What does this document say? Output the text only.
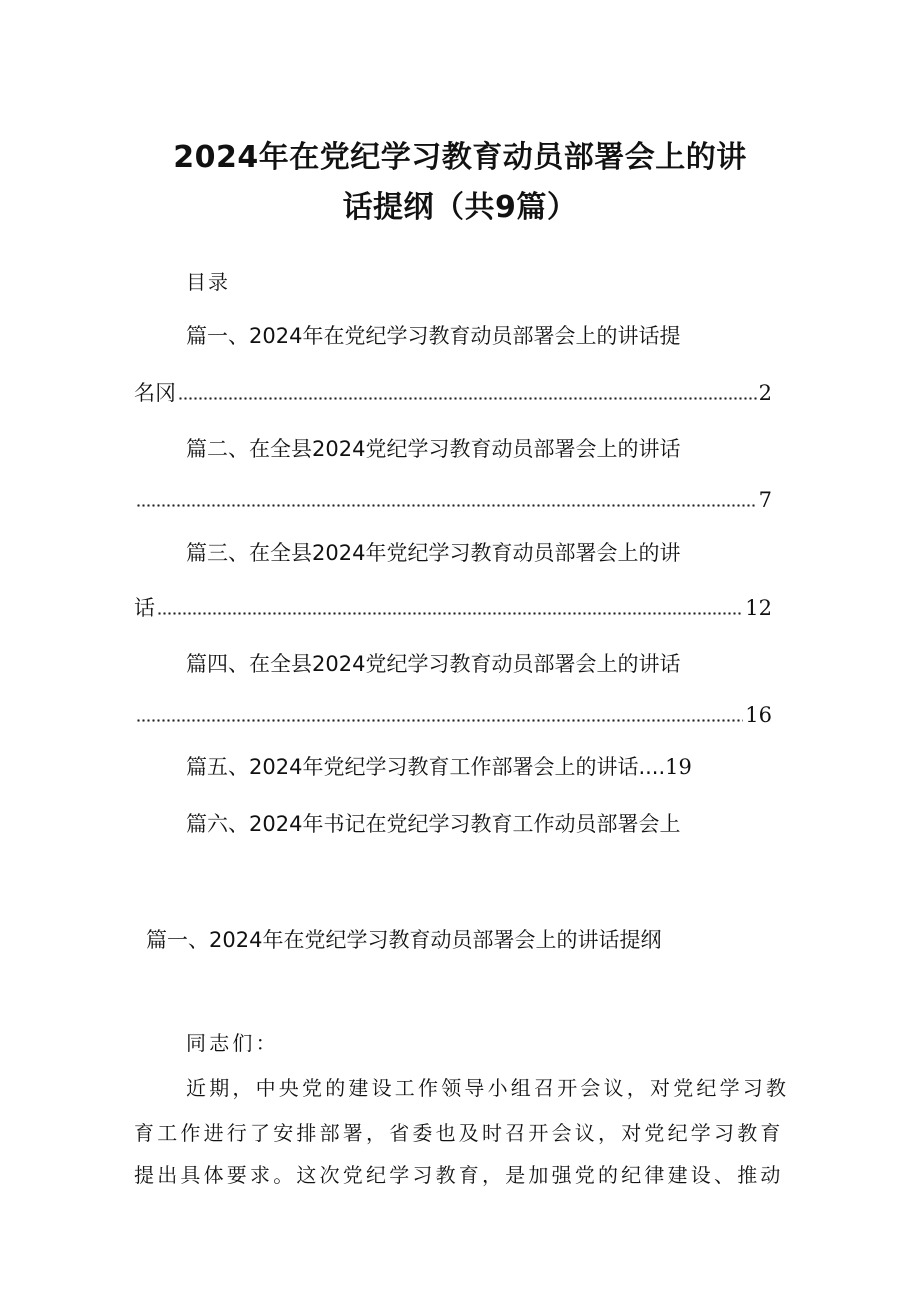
2024年在党纪学习教育动员部署会上的讲
话提纲（共9篇）
目录
篇一、2024年在党纪学习教育动员部署会上的讲话提
名冈	2
篇二、在全县2024党纪学习教育动员部署会上的讲话
7
篇三、在全县2024年党纪学习教育动员部署会上的讲
话	12
篇四、在全县2024党纪学习教育动员部署会上的讲话
16
篇五、2024年党纪学习教育工作部署会上的讲话....19
篇六、2024年书记在党纪学习教育工作动员部署会上
篇一、2024年在党纪学习教育动员部署会上的讲话提纲
同志们：
近期，中央党的建设工作领导小组召开会议，对党纪学习教
育工作进行了安排部署，省委也及时召开会议，对党纪学习教育
提出具体要求。这次党纪学习教育，是加强党的纪律建设、推动
